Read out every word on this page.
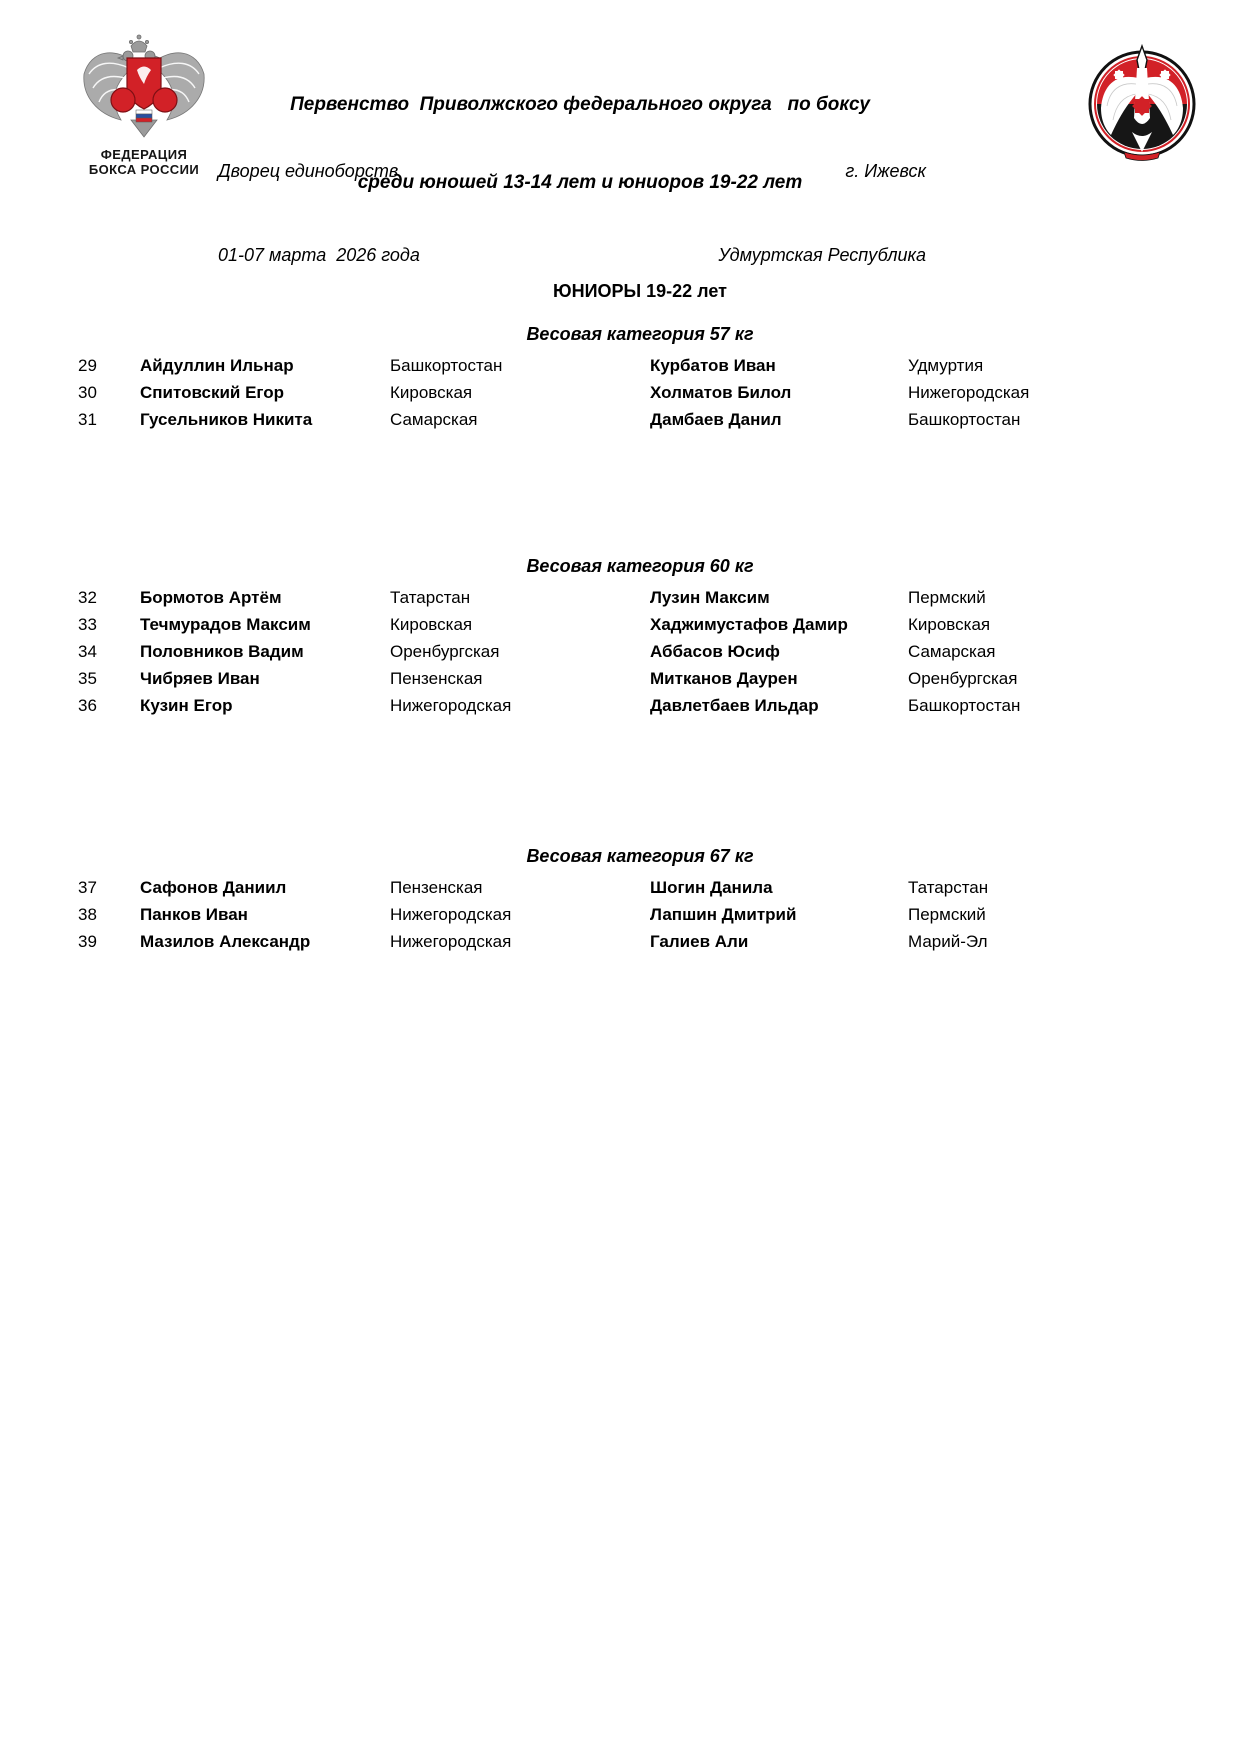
ФЕДЕРАЦИЯ
БОКСА РОССИИ

Первенство  Приволжского федерального округа   по боксу

среди юношей 13-14 лет и юниоров 19-22 лет

Дворец единоборств

01-07 марта  2026 года

г. Ижевск

Удмуртская Республика

ЮНИОРЫ 19-22 лет
Весовая категория 57 кг
29	Айдуллин Ильнар	Башкортостан	Курбатов Иван	Удмуртия
30	Спитовский Егор	Кировская	Холматов Билол	Нижегородская
31	Гусельников Никита	Самарская	Дамбаев Данил	Башкортостан
Весовая категория 60 кг
32	Бормотов Артём	Татарстан	Лузин Максим	Пермский
33	Течмурадов Максим	Кировская	Хаджимустафов Дамир	Кировская
34	Половников Вадим	Оренбургская	Аббасов Юсиф	Самарская
35	Чибряев Иван	Пензенская	Митканов Даурен	Оренбургская
36	Кузин Егор	Нижегородская	Давлетбаев Ильдар	Башкортостан
Весовая категория 67 кг
37	Сафонов Даниил	Пензенская	Шогин Данила	Татарстан
38	Панков Иван	Нижегородская	Лапшин Дмитрий	Пермский
39	Мазилов Александр	Нижегородская	Галиев Али	Марий-Эл
